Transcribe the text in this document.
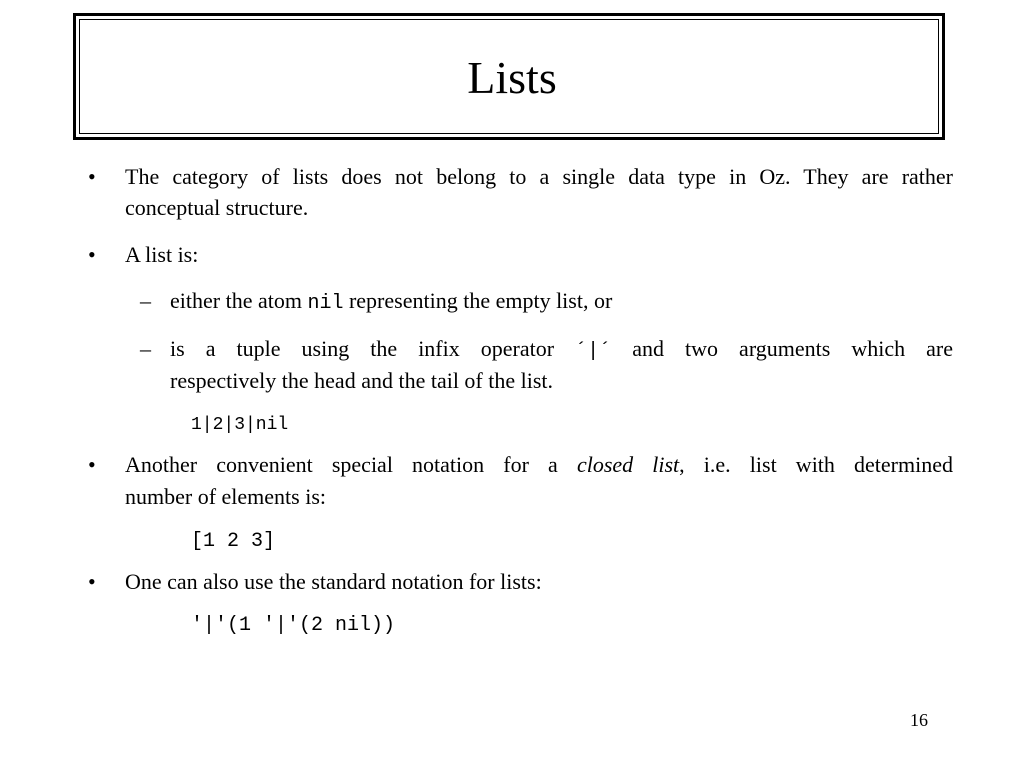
Lists
• The category of lists does not belong to a single data type in Oz. They are rather
conceptual structure.
• A list is:
– either the atom nil representing the empty list, or
– is a tuple using the infix operator ´|´ and two arguments which are
respectively the head and the tail of the list.
1|2|3|nil
• Another convenient special notation for a closed list, i.e. list with determined
number of elements is:
[1 2 3]
• One can also use the standard notation for lists:
'|'(1 '|'(2 nil))
16
